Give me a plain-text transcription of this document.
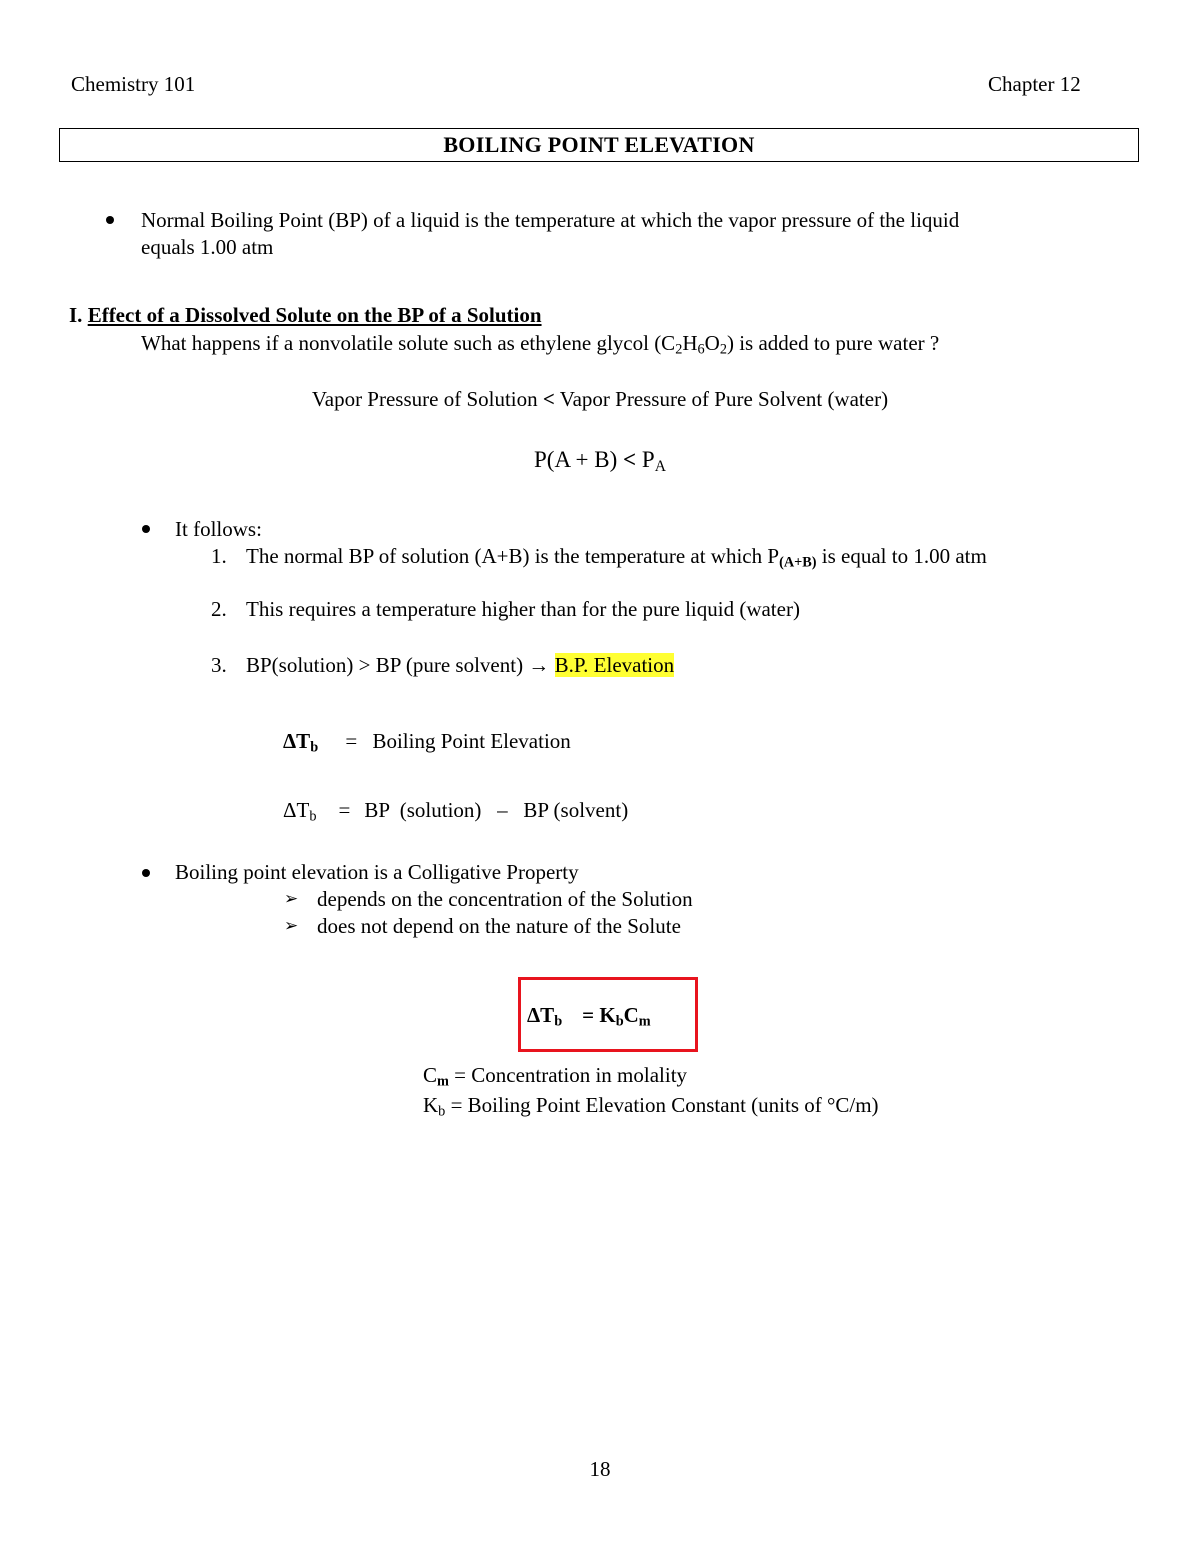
Chemistry 101	Chapter 12
BOILING POINT ELEVATION
Normal Boiling Point (BP) of a liquid is the temperature at which the vapor pressure of the liquid
equals 1.00 atm
I. Effect of a Dissolved Solute on the BP of a Solution
What happens if a nonvolatile solute such as ethylene glycol $(C_2H_6O_2)$ is added to pure water ?
Vapor Pressure of Solution < Vapor Pressure of Pure Solvent (water)
$P(A + B) < P_A$
It follows:
1. The normal BP of solution (A+B) is the temperature at which $P_{(A+B)}$ is equal to 1.00 atm
2. This requires a temperature higher than for the pure liquid (water)
3. BP(solution) > BP (pure solvent) → B.P. Elevation
$\Delta T_b$ = Boiling Point Elevation
$\Delta T_b$ = BP  (solution)   –   BP (solvent)
Boiling point elevation is a Colligative Property
➢ depends on the concentration of the Solution
➢ does not depend on the nature of the Solute
$\Delta T_b = K_bC_m$
$C_m$ = Concentration in molality
$K_b$ = Boiling Point Elevation Constant (units of °C/m)
18
